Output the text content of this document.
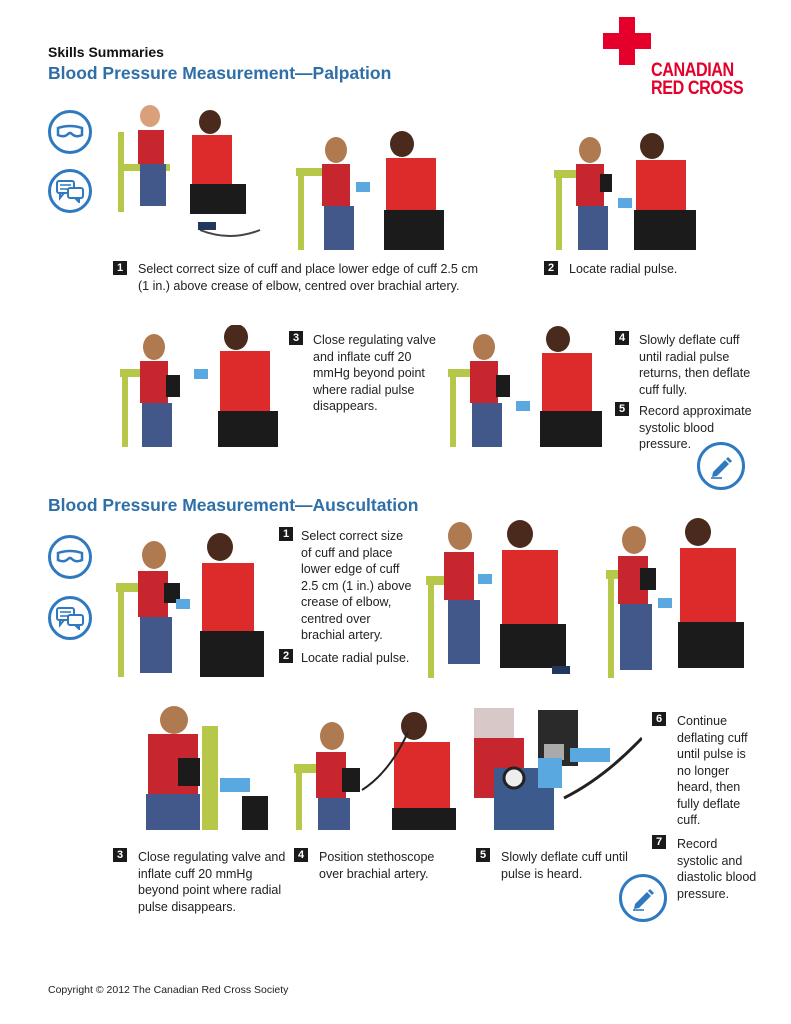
Skills Summaries
Blood Pressure Measurement—Palpation	CANADIAN
RED CROSS
1	Select correct size of cuff and place lower edge of cuff 2.5 cm (1 in.) above crease of elbow, centred over brachial artery.
2	Locate radial pulse.
3	Close regulating valve and inflate cuff 20 mmHg beyond point where radial pulse disappears.
4	Slowly deflate cuff until radial pulse returns, then deflate cuff fully.
5	Record approximate systolic blood pressure.
Blood Pressure Measurement—Auscultation
1 Select correct size of cuff and place lower edge of cuff 2.5 cm (1 in.) above crease of elbow, centred over brachial artery.
2 Locate radial pulse.
3	Close regulating valve and inflate cuff 20 mmHg beyond point where radial pulse disappears.
4	Position stethoscope over brachial artery.
5	Slowly deflate cuff until pulse is heard.
6	Continue deflating cuff until pulse is no longer heard, then fully deflate cuff.
7	Record systolic and diastolic blood pressure.
Copyright © 2012 The Canadian Red Cross Society
